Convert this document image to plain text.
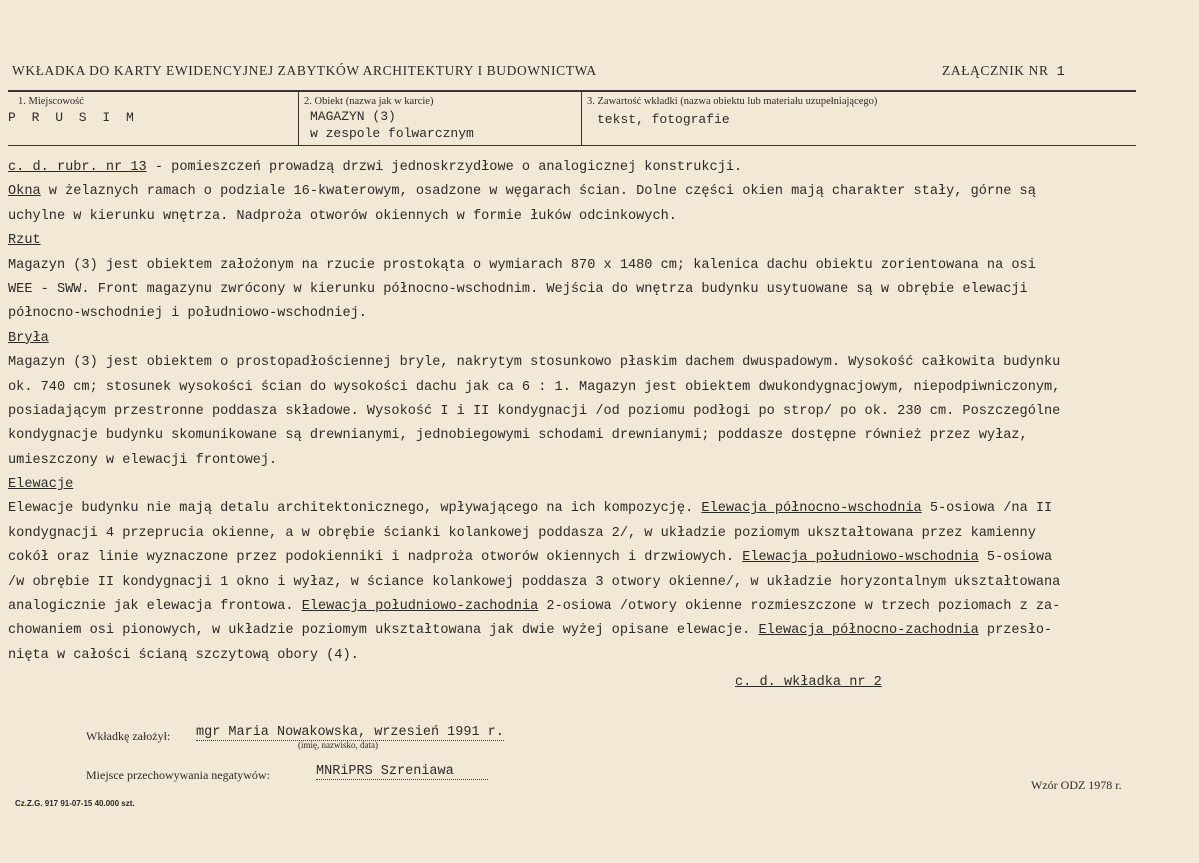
WKŁADKA DO KARTY EWIDENCYJNEJ ZABYTKÓW ARCHITEKTURY I BUDOWNICTWA	ZAŁĄCZNIK NR 1
1. Miejscowość
P R U S I M
2. Obiekt (nazwa jak w karcie)
MAGAZYN (3)
w zespole folwarcznym
3. Zawartość wkładki (nazwa obiektu lub materiału uzupełniającego)
tekst, fotografie
c. d. rubr. nr 13 - pomieszczeń prowadzą drzwi jednoskrzydłowe o analogicznej konstrukcji.
Okna w żelaznych ramach o podziale 16-kwaterowym, osadzone w węgarach ścian. Dolne części okien mają charakter stały, górne są
uchylne w kierunku wnętrza. Nadproża otworów okiennych w formie łuków odcinkowych.
Rzut
Magazyn (3) jest obiektem założonym na rzucie prostokąta o wymiarach 870 x 1480 cm; kalenica dachu obiektu zorientowana na osi
WEE - SWW. Front magazynu zwrócony w kierunku północno-wschodnim. Wejścia do wnętrza budynku usytuowane są w obrębie elewacji
północno-wschodniej i południowo-wschodniej.
Bryła
Magazyn (3) jest obiektem o prostopadłościennej bryle, nakrytym stosunkowo płaskim dachem dwuspadowym. Wysokość całkowita budynku
ok. 740 cm; stosunek wysokości ścian do wysokości dachu jak ca 6 : 1. Magazyn jest obiektem dwukondygnacjowym, niepodpiwniczonym,
posiadającym przestronne poddasza składowe. Wysokość I i II kondygnacji /od poziomu podłogi po strop/ po ok. 230 cm. Poszczególne
kondygnacje budynku skomunikowane są drewnianymi, jednobiegowymi schodami drewnianymi; poddasze dostępne również przez wyłaz,
umieszczony w elewacji frontowej.
Elewacje
Elewacje budynku nie mają detalu architektonicznego, wpływającego na ich kompozycję. Elewacja północno-wschodnia 5-osiowa /na II
kondygnacji 4 przeprucia okienne, a w obrębie ścianki kolankowej poddasza 2/, w układzie poziomym ukształtowana przez kamienny
cokół oraz linie wyznaczone przez podokienniki i nadproża otworów okiennych i drzwiowych. Elewacja południowo-wschodnia 5-osiowa
/w obrębie II kondygnacji 1 okno i wyłaz, w ściance kolankowej poddasza 3 otwory okienne/, w układzie horyzontalnym ukształtowana
analogicznie jak elewacja frontowa. Elewacja południowo-zachodnia 2-osiowa /otwory okienne rozmieszczone w trzech poziomach z za-
chowaniem osi pionowych, w układzie poziomym ukształtowana jak dwie wyżej opisane elewacje. Elewacja północno-zachodnia przesło-
nięta w całości ścianą szczytową obory (4).
c. d. wkładka nr 2
Wkładkę założył: mgr Maria Nowakowska, wrzesień 1991 r.
(imię, nazwisko, data)
Miejsce przechowywania negatywów:	MNRiPRS Szreniawa
Cz.Z.G. 917 91-07-15 40.000 szt.
Wzór ODZ 1978 r.
